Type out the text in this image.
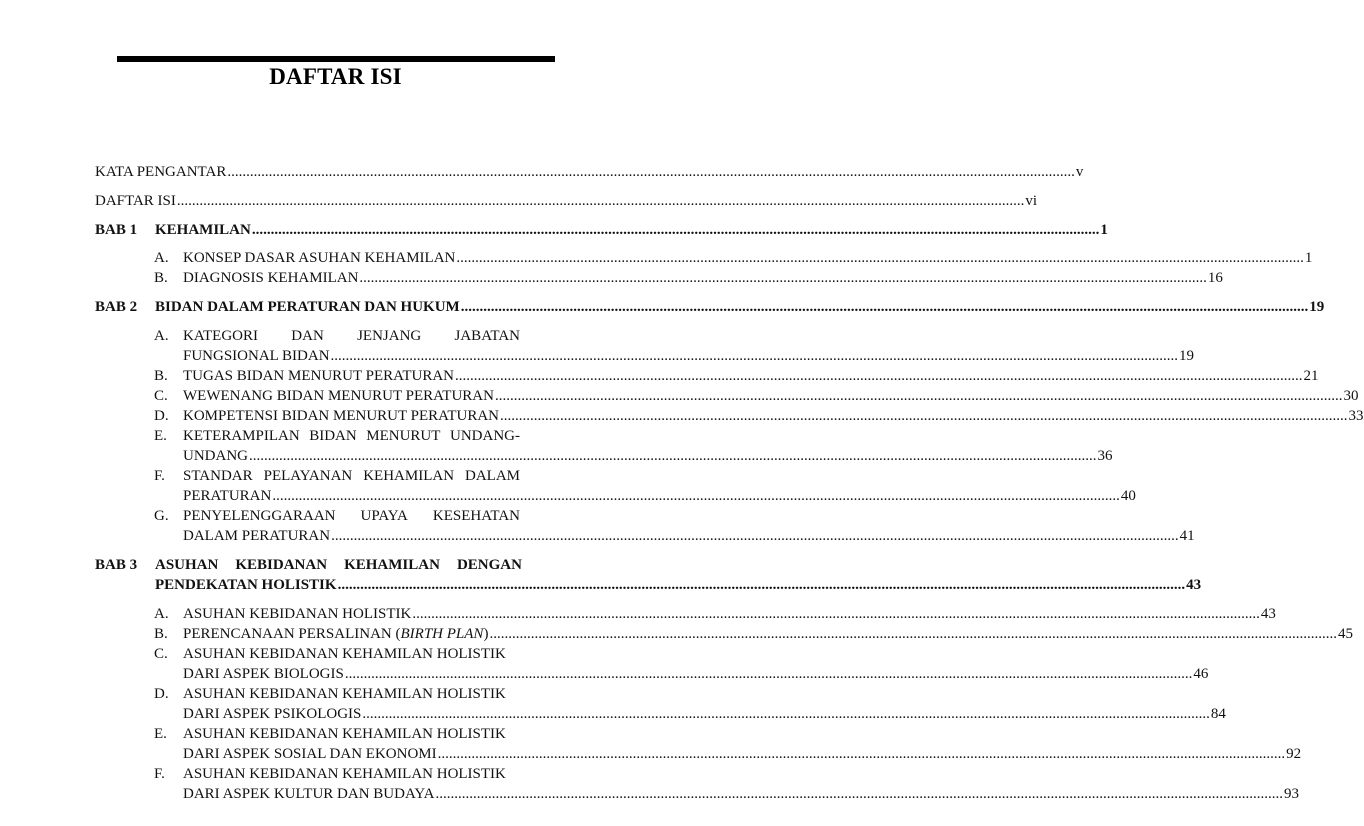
DAFTAR ISI
KATA PENGANTAR .....	v
DAFTAR ISI .....	vi
BAB 1	KEHAMILAN .....	1
A. KONSEP DASAR ASUHAN KEHAMILAN .....	1
B.	DIAGNOSIS KEHAMILAN .....	16
BAB 2	BIDAN DALAM PERATURAN DAN HUKUM .....	19
A. KATEGORI DAN JENJANG JABATAN
FUNGSIONAL BIDAN .....	19
B.	TUGAS BIDAN MENURUT PERATURAN .....	21
C.	WEWENANG BIDAN MENURUT PERATURAN .....	30
D. KOMPETENSI BIDAN MENURUT PERATURAN .....	33
E.	KETERAMPILAN BIDAN MENURUT UNDANG-
UNDANG .....	36
F.	STANDAR PELAYANAN KEHAMILAN DALAM
PERATURAN .....	40
G. PENYELENGGARAAN UPAYA KESEHATAN
DALAM PERATURAN .....	41
BAB 3	ASUHAN KEBIDANAN KEHAMILAN DENGAN
PENDEKATAN HOLISTIK .....	43
A. ASUHAN KEBIDANAN HOLISTIK .....	43
B.	PERENCANAAN PERSALINAN (BIRTH PLAN) .....	45
C.	ASUHAN KEBIDANAN KEHAMILAN HOLISTIK
DARI ASPEK BIOLOGIS .....	46
D. ASUHAN KEBIDANAN KEHAMILAN HOLISTIK
DARI ASPEK PSIKOLOGIS .....	84
E.	ASUHAN KEBIDANAN KEHAMILAN HOLISTIK
DARI ASPEK SOSIAL DAN EKONOMI .....	92
F.	ASUHAN KEBIDANAN KEHAMILAN HOLISTIK
DARI ASPEK KULTUR DAN BUDAYA .....	93
